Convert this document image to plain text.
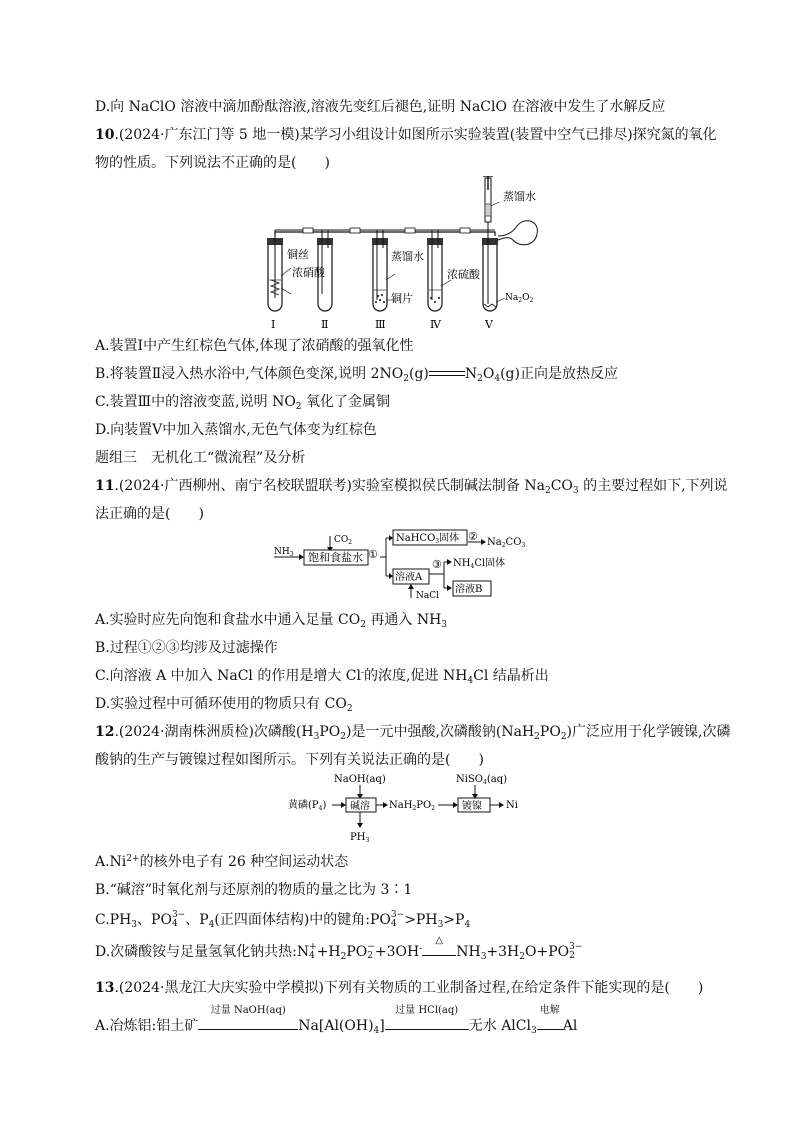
D.向 NaClO 溶液中滴加酚酞溶液,溶液先变红后褪色,证明 NaClO 在溶液中发生了水解反应
10.(2024·广东江门等 5 地一模)某学习小组设计如图所示实验装置(装置中空气已排尽)探究氮的氧化
物的性质。下列说法不正确的是(　　)
铜丝
浓硝酸
蒸馏水
铜片
浓硫酸
蒸馏水
$Na_2O_2$
Ⅰ	Ⅱ	Ⅲ	Ⅳ	Ⅴ
A.装置Ⅰ中产生红棕色气体,体现了浓硝酸的强氧化性
B.将装置Ⅱ浸入热水浴中,气体颜色变深,说明 $2NO_2(g)$	$N_2O_4(g)$正向是放热反应
C.装置Ⅲ中的溶液变蓝,说明 $NO_2$ 氧化了金属铜
D.向装置Ⅴ中加入蒸馏水,无色气体变为红棕色
题组三　无机化工“微流程”及分析
11.(2024·广西柳州、南宁名校联盟联考)实验室模拟侯氏制碱法制备 $Na_2CO_3$ 的主要过程如下,下列说
法正确的是(　　)
$CO_2$
$NH_3$ 饱和食盐水 ①
NaHCO$_3$固体 ② $Na_2CO_3$
溶液A
③ $NH_4Cl$固体
溶液B
NaCl
A.实验时应先向饱和食盐水中通入足量 $CO_2$ 再通入 $NH_3$
B.过程①②③均涉及过滤操作
C.向溶液 A 中加入 NaCl 的作用是增大 Cl-的浓度,促进 $NH_4Cl$ 结晶析出
D.实验过程中可循环使用的物质只有 $CO_2$
12.(2024·湖南株洲质检)次磷酸$(H_3PO_2)$是一元中强酸,次磷酸钠$(NaH_2PO_2)$广泛应用于化学镀镍,次磷
酸钠的生产与镀镍过程如图所示。下列有关说法正确的是(　　)
NaOH(aq)	NiSO$_4$(aq)
黄磷$(P_4)$ 碱溶 $NaH_2PO_2$	镀镍 Ni
$PH_3$
$A.Ni^{2+}$的核外电子有 26 种空间运动状态
B.“碱溶”时氧化剂与还原剂的物质的量之比为 3∶1
$C.PH_3$、PO 3−
4 、$P_4$(正四面体结构)中的键角:PO 3−
$4 >PH_3>P_4$
D.次磷酸铵与足量氢氧化钠共热:N +
$4 +H_2PO$ −
2 +3OH-
△
$NH_3+3H_2O+PO$ 3−
2
13.(2024·黑龙江大庆实验中学模拟)下列有关物质的工业制备过程,在给定条件下能实现的是(　　)
A.冶炼铝:铝土矿
过量 NaOH(aq)
$Na[Al(OH)_4]$
过量 HCl(aq)
无水 AlCl$_3$
电解
Al
